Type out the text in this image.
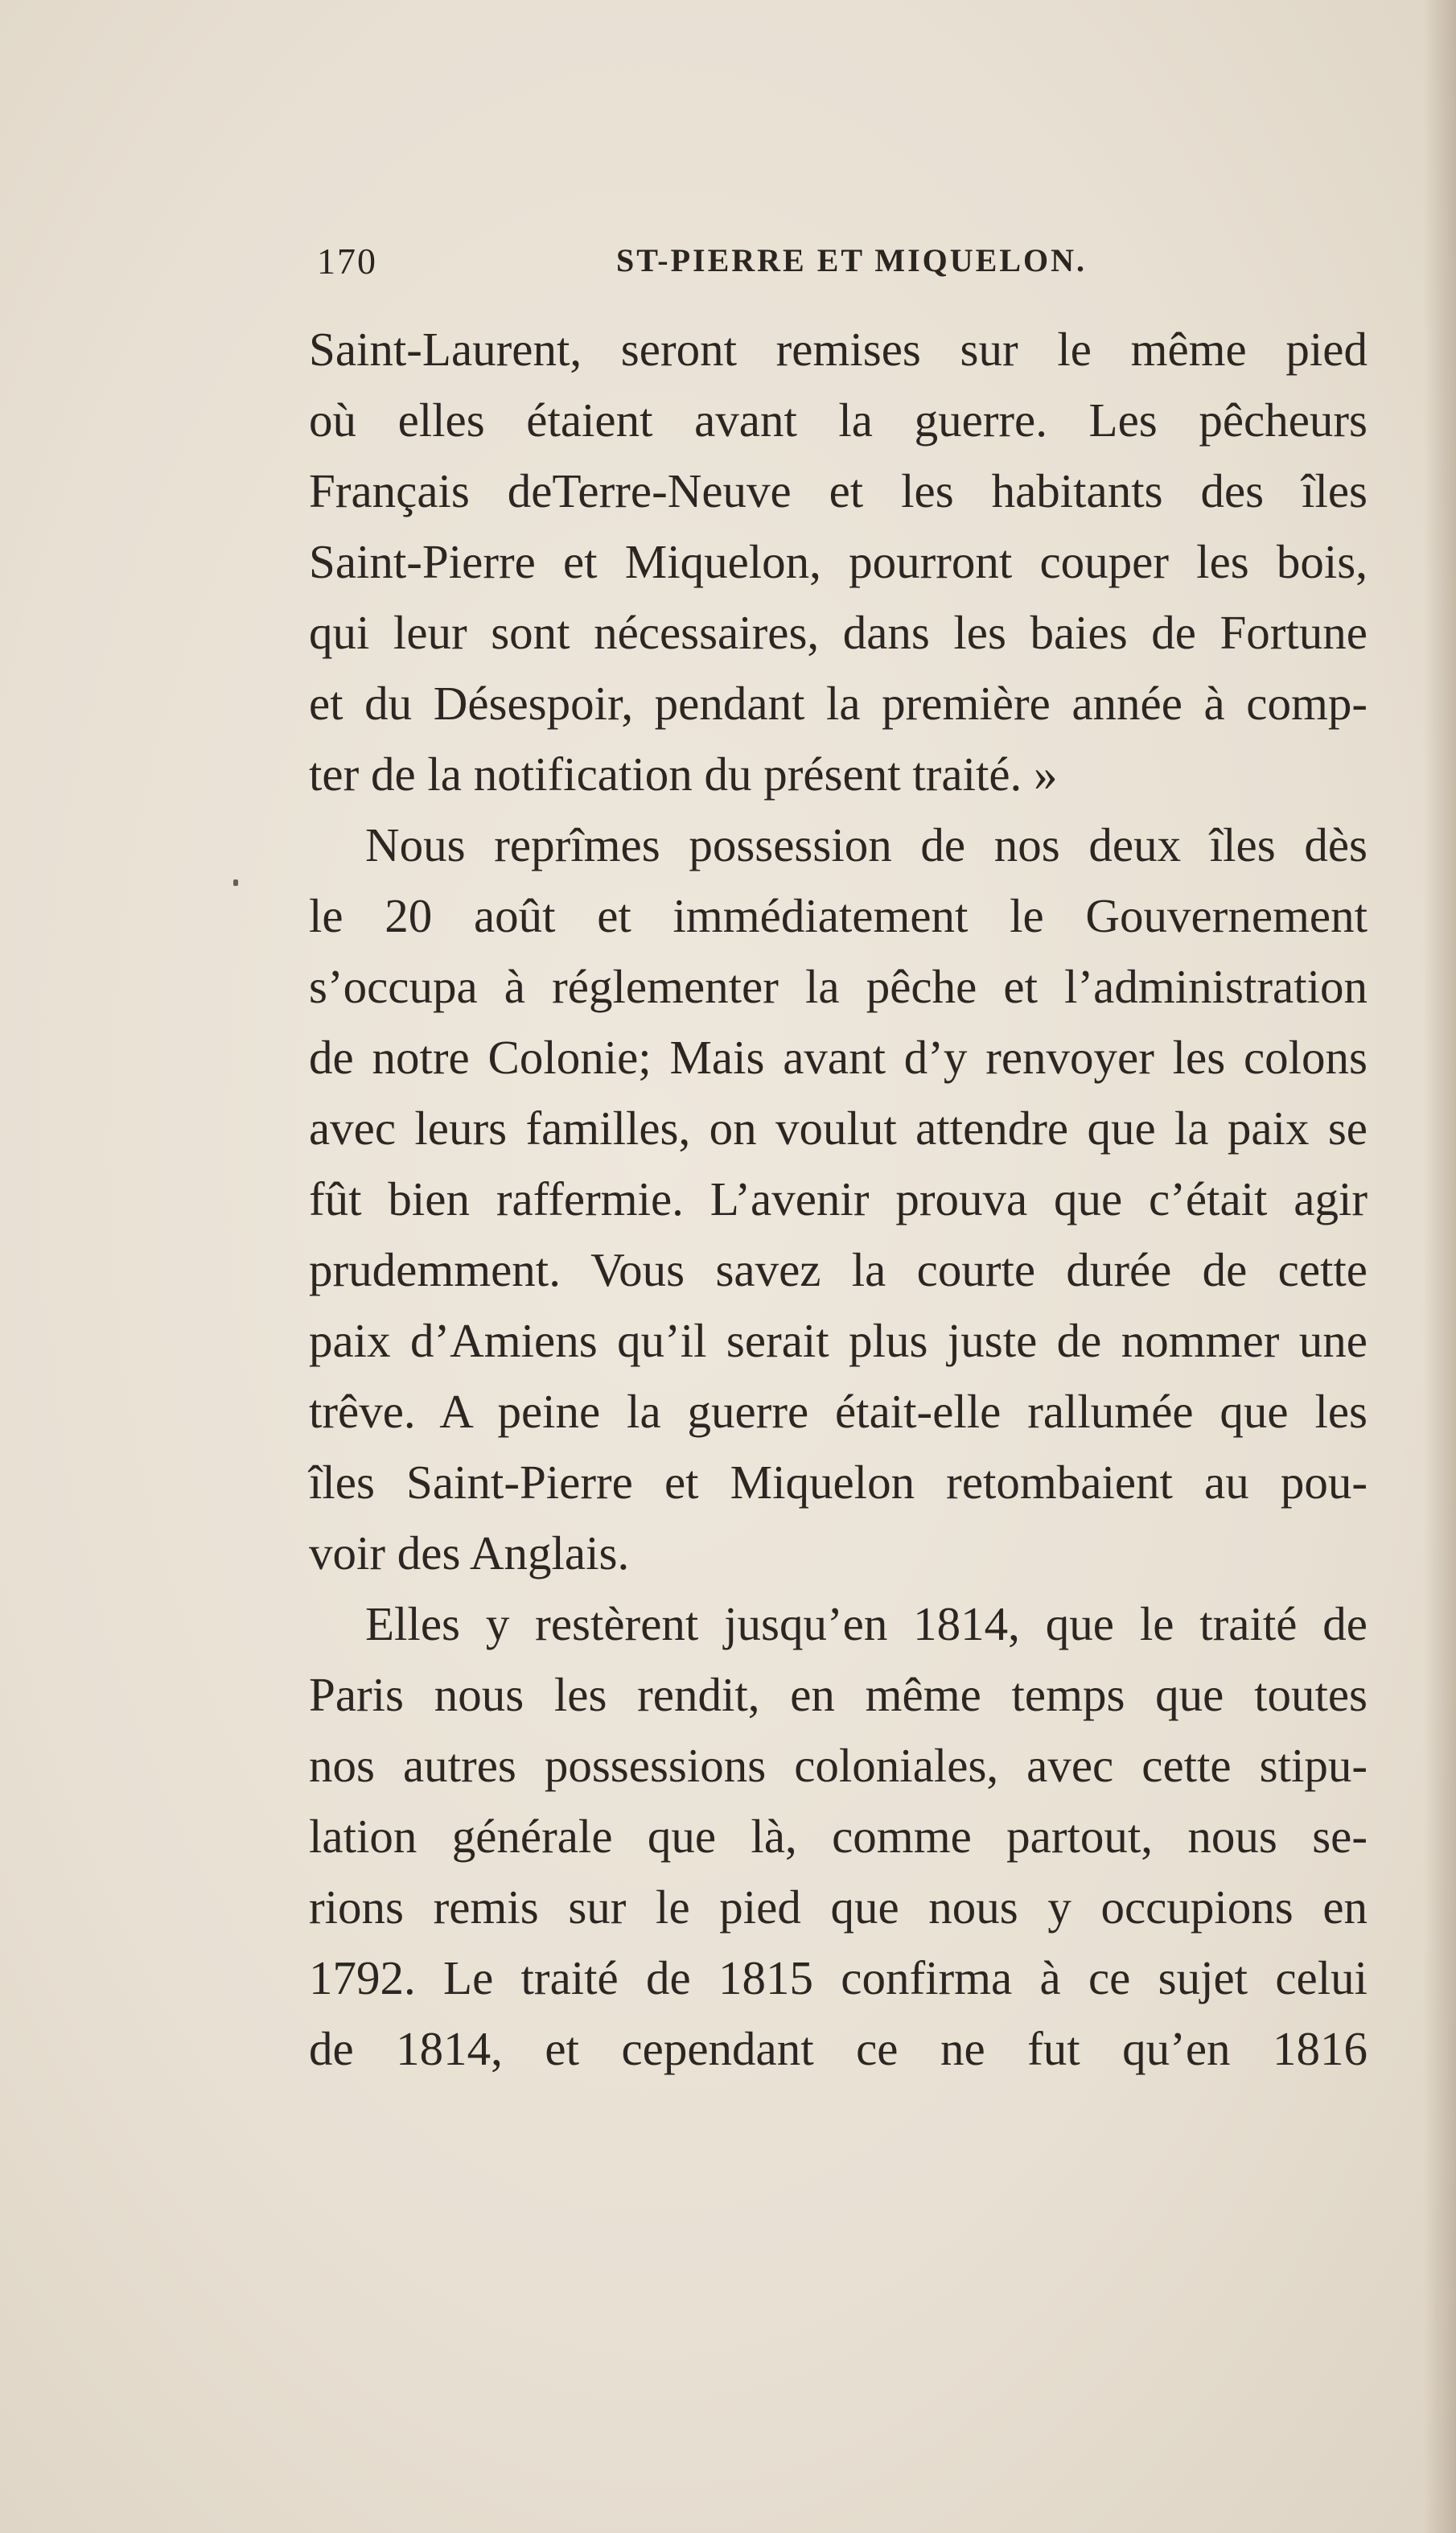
170	ST-PIERRE ET MIQUELON.
Saint-Laurent, seront remises sur le même pied
où elles étaient avant la guerre. Les pêcheurs
Français deTerre-Neuve et les habitants des îles
Saint-Pierre et Miquelon, pourront couper les bois,
qui leur sont nécessaires, dans les baies de Fortune
et du Désespoir, pendant la première année à comp-
ter de la notification du présent traité. »
Nous reprîmes possession de nos deux îles dès
le 20 août et immédiatement le Gouvernement
s’occupa à réglementer la pêche et l’administration
de notre Colonie; Mais avant d’y renvoyer les colons
avec leurs familles, on voulut attendre que la paix se
fût bien raffermie. L’avenir prouva que c’était agir
prudemment. Vous savez la courte durée de cette
paix d’Amiens qu’il serait plus juste de nommer une
trêve. A peine la guerre était-elle rallumée que les
îles Saint-Pierre et Miquelon retombaient au pou-
voir des Anglais.
Elles y restèrent jusqu’en 1814, que le traité de
Paris nous les rendit, en même temps que toutes
nos autres possessions coloniales, avec cette stipu-
lation générale que là, comme partout, nous se-
rions remis sur le pied que nous y occupions en
1792. Le traité de 1815 confirma à ce sujet celui
de 1814, et cependant ce ne fut qu’en 1816
